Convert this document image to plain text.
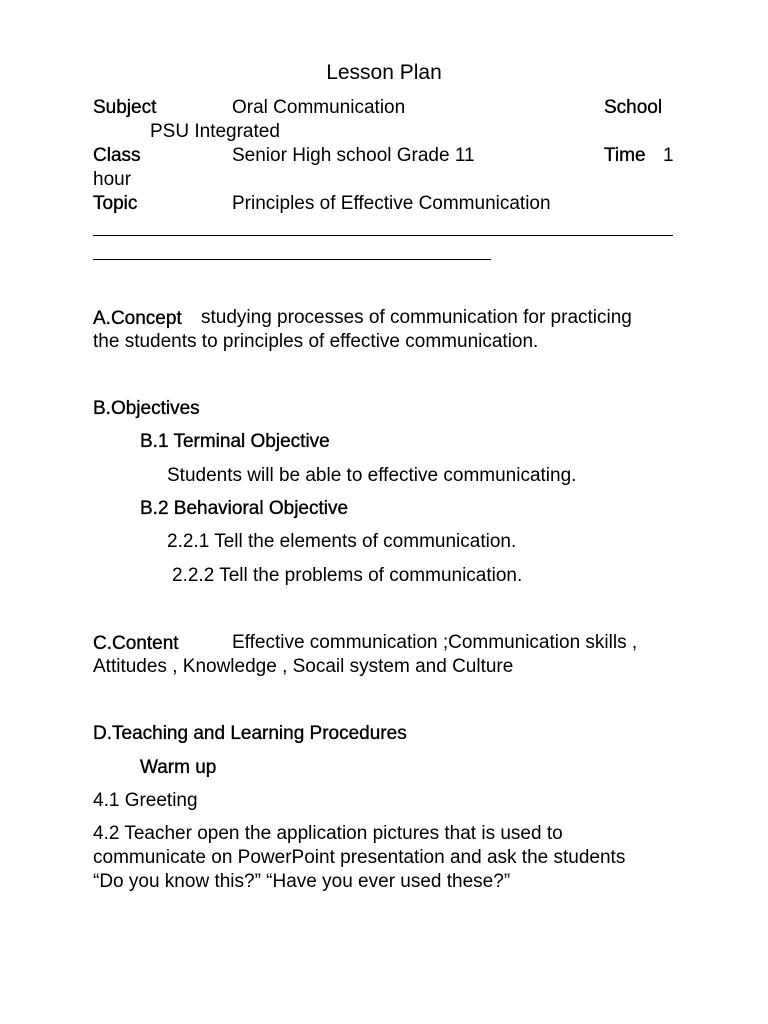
Lesson Plan
Subject	Oral Communication	School
PSU Integrated
Class	Senior High school Grade 11	Time 1
hour
Topic	Principles of Effective Communication
A.Concept studying processes of communication for practicing
the students to principles of effective communication.
B.Objectives
B.1 Terminal Objective
Students will be able to effective communicating.
B.2 Behavioral Objective
2.2.1 Tell the elements of communication.
2.2.2 Tell the problems of communication.
C.Content	Effective communication ;Communication skills ,
Attitudes , Knowledge , Socail system and Culture
D.Teaching and Learning Procedures
Warm up
4.1 Greeting
4.2 Teacher open the application pictures that is used to
communicate on PowerPoint presentation and ask the students
“Do you know this?” “Have you ever used these?”
